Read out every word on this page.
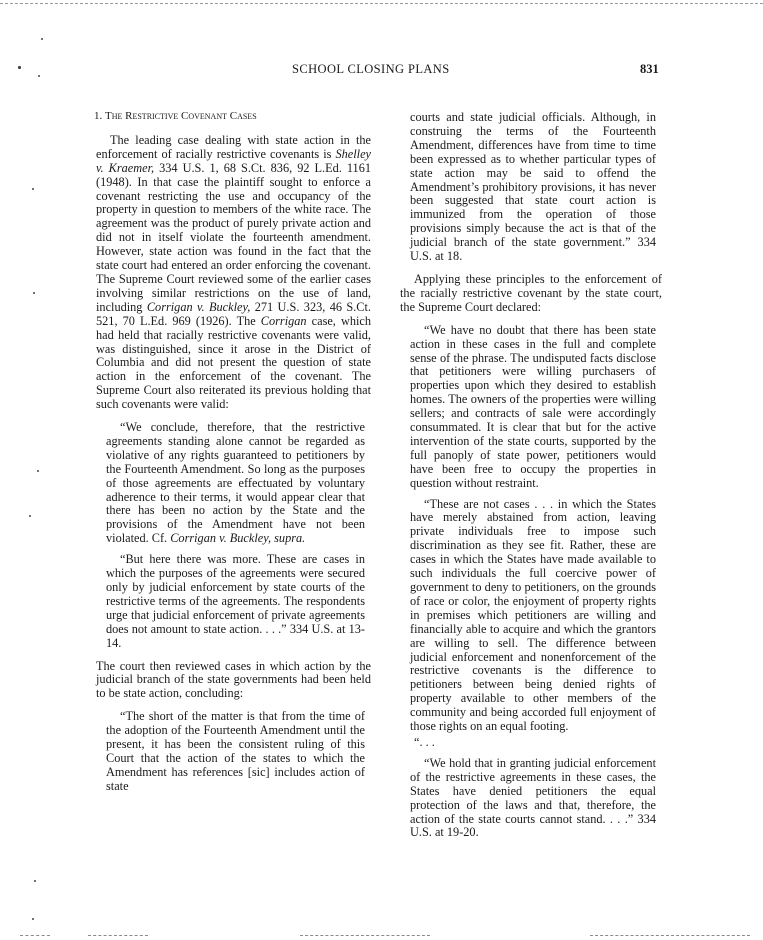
SCHOOL CLOSING PLANS	831

1. The Restrictive Covenant Cases

The leading case dealing with state action in the enforcement of racially restrictive covenants is Shelley v. Kraemer, 334 U.S. 1, 68 S.Ct. 836, 92 L.Ed. 1161 (1948). In that case the plaintiff sought to enforce a covenant restricting the use and occupancy of the property in question to members of the white race. The agreement was the product of purely private action and did not in itself violate the fourteenth amendment. However, state action was found in the fact that the state court had entered an order enforcing the covenant. The Supreme Court reviewed some of the earlier cases involving similar restrictions on the use of land, including Corrigan v. Buckley, 271 U.S. 323, 46 S.Ct. 521, 70 L.Ed. 969 (1926). The Corrigan case, which had held that racially restrictive covenants were valid, was distinguished, since it arose in the District of Columbia and did not present the question of state action in the enforcement of the covenant. The Supreme Court also reiterated its previous holding that such covenants were valid:

“We conclude, therefore, that the restrictive agreements standing alone cannot be regarded as violative of any rights guaranteed to petitioners by the Fourteenth Amendment. So long as the purposes of those agreements are effectuated by voluntary adherence to their terms, it would appear clear that there has been no action by the State and the provisions of the Amendment have not been violated. Cf. Corrigan v. Buckley, supra.

“But here there was more. These are cases in which the purposes of the agreements were secured only by judicial enforcement by state courts of the restrictive terms of the agreements. The respondents urge that judicial enforcement of private agreements does not amount to state action. . . .” 334 U.S. at 13-14.

The court then reviewed cases in which action by the judicial branch of the state governments had been held to be state action, concluding:

“The short of the matter is that from the time of the adoption of the Fourteenth Amendment until the present, it has been the consistent ruling of this Court that the action of the states to which the Amendment has references [sic] includes action of state

courts and state judicial officials. Although, in construing the terms of the Fourteenth Amendment, differences have from time to time been expressed as to whether particular types of state action may be said to offend the Amendment’s prohibitory provisions, it has never been suggested that state court action is immunized from the operation of those provisions simply because the act is that of the judicial branch of the state government.” 334 U.S. at 18.

Applying these principles to the enforcement of the racially restrictive covenant by the state court, the Supreme Court declared:

“We have no doubt that there has been state action in these cases in the full and complete sense of the phrase. The undisputed facts disclose that petitioners were willing purchasers of properties upon which they desired to establish homes. The owners of the properties were willing sellers; and contracts of sale were accordingly consummated. It is clear that but for the active intervention of the state courts, supported by the full panoply of state power, petitioners would have been free to occupy the properties in question without restraint.

“These are not cases . . . in which the States have merely abstained from action, leaving private individuals free to impose such discrimination as they see fit. Rather, these are cases in which the States have made available to such individuals the full coercive power of government to deny to petitioners, on the grounds of race or color, the enjoyment of property rights in premises which petitioners are willing and financially able to acquire and which the grantors are willing to sell. The difference between judicial enforcement and nonenforcement of the restrictive covenants is the difference to petitioners between being denied rights of property available to other members of the community and being accorded full enjoyment of those rights on an equal footing.

“. . .

“We hold that in granting judicial enforcement of the restrictive agreements in these cases, the States have denied petitioners the equal protection of the laws and that, therefore, the action of the state courts cannot stand. . . .” 334 U.S. at 19-20.
